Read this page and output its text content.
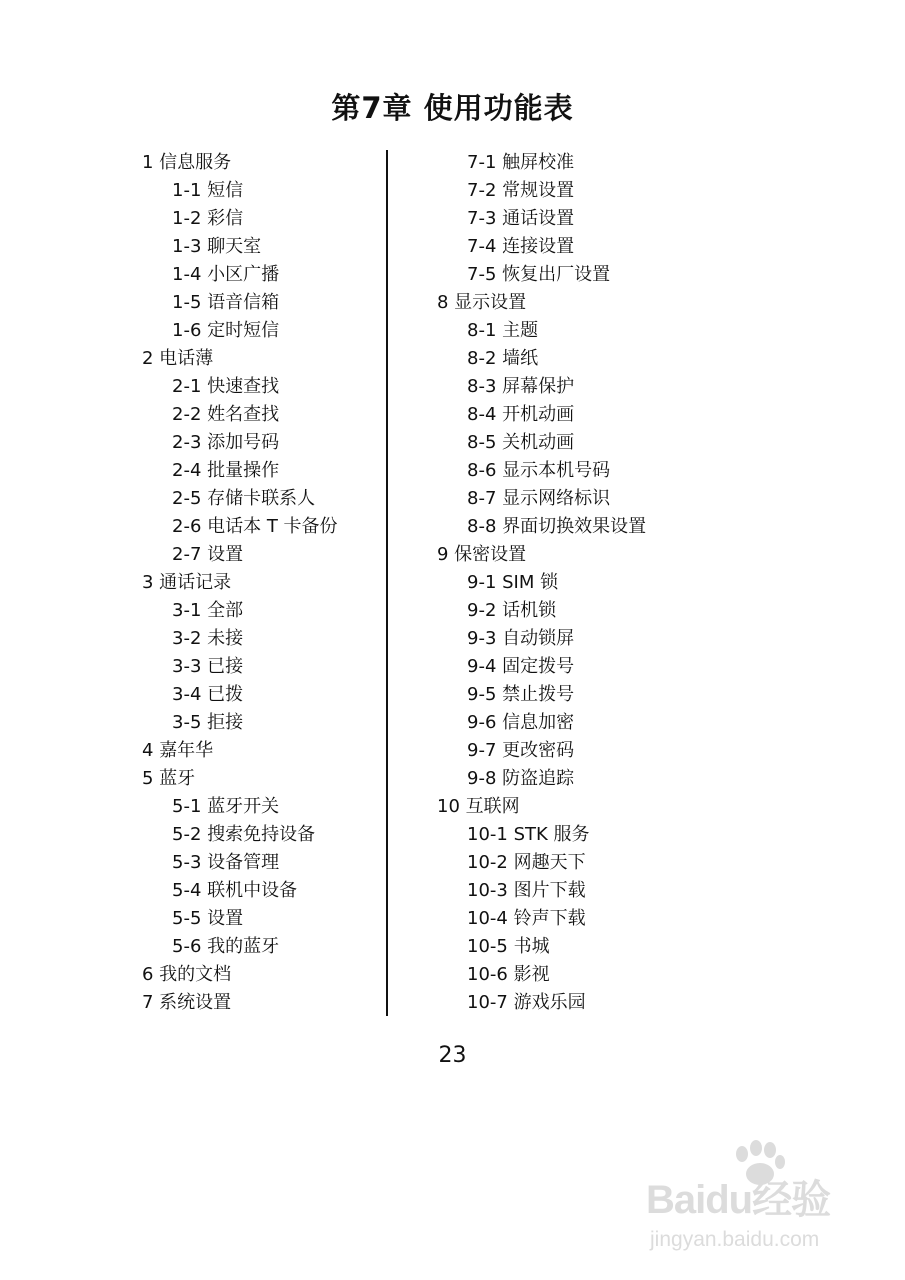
第7章 使用功能表
1 信息服务
1-1 短信
1-2 彩信
1-3 聊天室
1-4 小区广播
1-5 语音信箱
1-6 定时短信
2 电话薄
2-1 快速查找
2-2 姓名查找
2-3 添加号码
2-4 批量操作
2-5 存储卡联系人
2-6 电话本 T 卡备份
2-7 设置
3 通话记录
3-1 全部
3-2 未接
3-3 已接
3-4 已拨
3-5 拒接
4 嘉年华
5 蓝牙
5-1 蓝牙开关
5-2 搜索免持设备
5-3 设备管理
5-4 联机中设备
5-5 设置
5-6 我的蓝牙
6 我的文档
7 系统设置
7-1 触屏校准
7-2 常规设置
7-3 通话设置
7-4 连接设置
7-5 恢复出厂设置
8 显示设置
8-1 主题
8-2 墙纸
8-3 屏幕保护
8-4 开机动画
8-5 关机动画
8-6 显示本机号码
8-7 显示网络标识
8-8 界面切换效果设置
9 保密设置
9-1 SIM 锁
9-2 话机锁
9-3 自动锁屏
9-4 固定拨号
9-5 禁止拨号
9-6 信息加密
9-7 更改密码
9-8 防盗追踪
10 互联网
10-1 STK 服务
10-2 网趣天下
10-3 图片下载
10-4 铃声下载
10-5 书城
10-6 影视
10-7 游戏乐园
23
Baidu经验
jingyan.baidu.com
